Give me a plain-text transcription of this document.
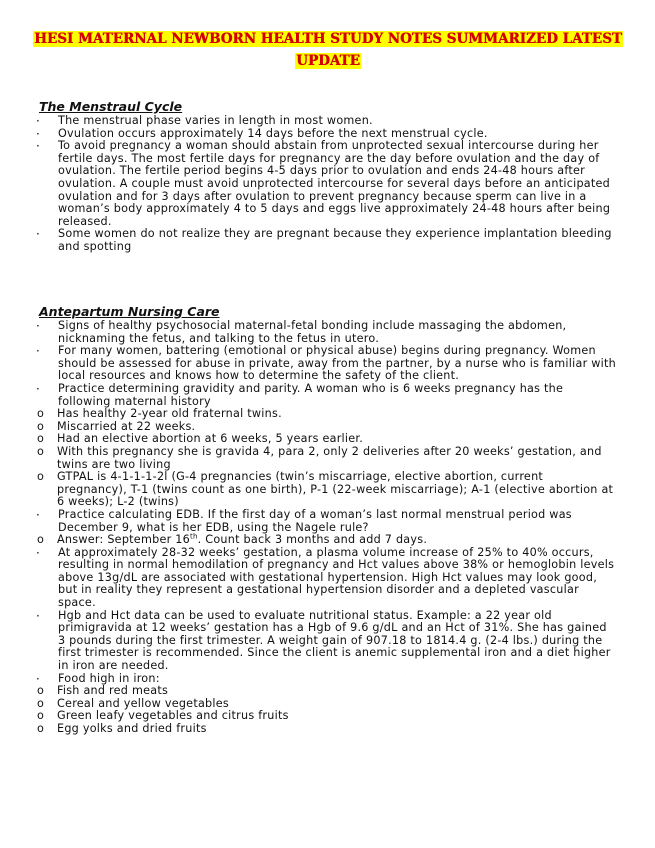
HESI MATERNAL NEWBORN HEALTH STUDY NOTES SUMMARIZED LATEST UPDATE
The Menstraul Cycle
· The menstrual phase varies in length in most women.
· Ovulation occurs approximately 14 days before the next menstrual cycle.
· To avoid pregnancy a woman should abstain from unprotected sexual intercourse during her fertile days. The most fertile days for pregnancy are the day before ovulation and the day of ovulation. The fertile period begins 4-5 days prior to ovulation and ends 24-48 hours after ovulation. A couple must avoid unprotected intercourse for several days before an anticipated ovulation and for 3 days after ovulation to prevent pregnancy because sperm can live in a woman’s body approximately 4 to 5 days and eggs live approximately 24-48 hours after being released.
· Some women do not realize they are pregnant because they experience implantation bleeding and spotting
Antepartum Nursing Care
· Signs of healthy psychosocial maternal-fetal bonding include massaging the abdomen, nicknaming the fetus, and talking to the fetus in utero.
· For many women, battering (emotional or physical abuse) begins during pregnancy. Women should be assessed for abuse in private, away from the partner, by a nurse who is familiar with local resources and knows how to determine the safety of the client.
· Practice determining gravidity and parity. A woman who is 6 weeks pregnancy has the following maternal history
o Has healthy 2-year old fraternal twins.
o Miscarried at 22 weeks.
o Had an elective abortion at 6 weeks, 5 years earlier.
o With this pregnancy she is gravida 4, para 2, only 2 deliveries after 20 weeks’ gestation, and twins are two living
o GTPAL is 4-1-1-1-2l (G-4 pregnancies (twin’s miscarriage, elective abortion, current pregnancy), T-1 (twins count as one birth), P-1 (22-week miscarriage); A-1 (elective abortion at 6 weeks); L-2 (twins)
· Practice calculating EDB. If the first day of a woman’s last normal menstrual period was December 9, what is her EDB, using the Nagele rule?
o Answer: September 16th. Count back 3 months and add 7 days.
· At approximately 28-32 weeks’ gestation, a plasma volume increase of 25% to 40% occurs, resulting in normal hemodilation of pregnancy and Hct values above 38% or hemoglobin levels above 13g/dL are associated with gestational hypertension. High Hct values may look good, but in reality they represent a gestational hypertension disorder and a depleted vascular space.
· Hgb and Hct data can be used to evaluate nutritional status. Example: a 22 year old primigravida at 12 weeks’ gestation has a Hgb of 9.6 g/dL and an Hct of 31%. She has gained 3 pounds during the first trimester. A weight gain of 907.18 to 1814.4 g. (2-4 lbs.) during the first trimester is recommended. Since the client is anemic supplemental iron and a diet higher in iron are needed.
· Food high in iron:
o Fish and red meats
o Cereal and yellow vegetables
o Green leafy vegetables and citrus fruits
o Egg yolks and dried fruits
